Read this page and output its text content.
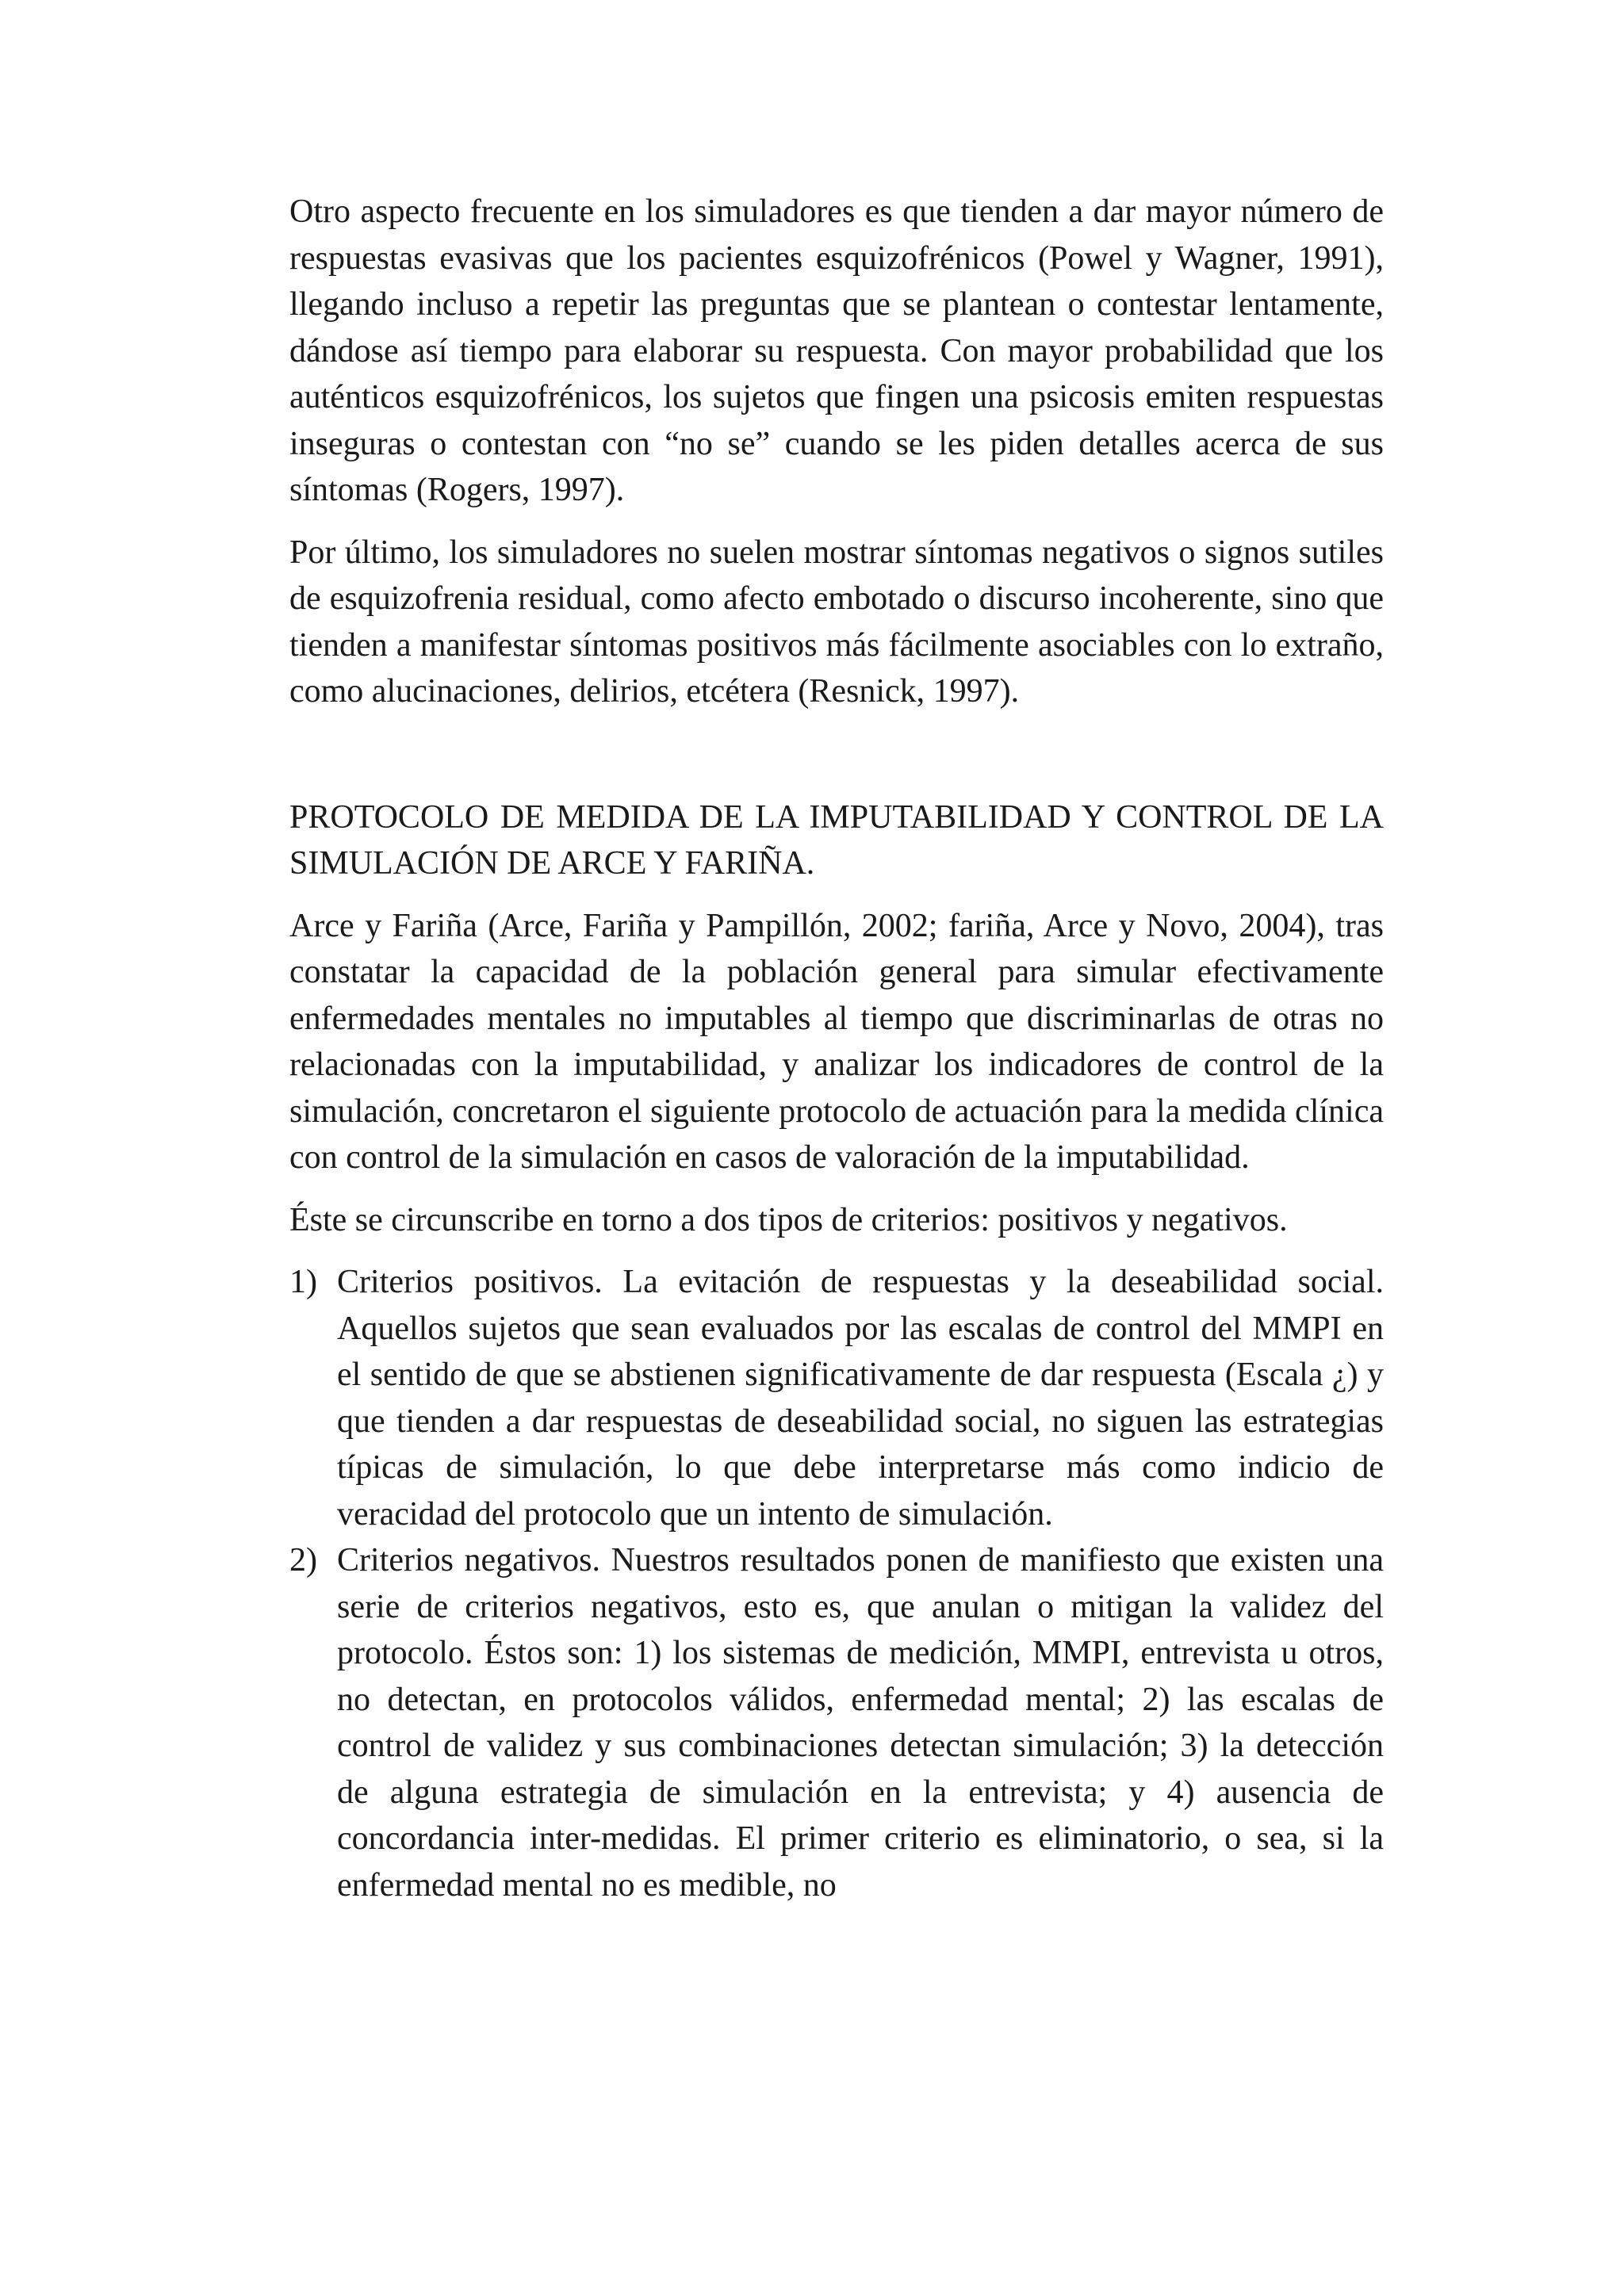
Otro aspecto frecuente en los simuladores es que tienden a dar mayor número de respuestas evasivas que los pacientes esquizofrénicos (Powel y Wagner, 1991), llegando incluso a repetir las preguntas que se plantean o contestar lentamente, dándose así tiempo para elaborar su respuesta. Con mayor probabilidad que los auténticos esquizofrénicos, los sujetos que fingen una psicosis emiten respuestas inseguras o contestan con “no se” cuando se les piden detalles acerca de sus síntomas (Rogers, 1997).

Por último, los simuladores no suelen mostrar síntomas negativos o signos sutiles de esquizofrenia residual, como afecto embotado o discurso incoherente, sino que tienden a manifestar síntomas positivos más fácilmente asociables con lo extraño, como alucinaciones, delirios, etcétera (Resnick, 1997).

PROTOCOLO DE MEDIDA DE LA IMPUTABILIDAD Y CONTROL DE LA SIMULACIÓN DE ARCE Y FARIÑA.

Arce y Fariña (Arce, Fariña y Pampillón, 2002; fariña, Arce y Novo, 2004), tras constatar la capacidad de la población general para simular efectivamente enfermedades mentales no imputables al tiempo que discriminarlas de otras no relacionadas con la imputabilidad, y analizar los indicadores de control de la simulación, concretaron el siguiente protocolo de actuación para la medida clínica con control de la simulación en casos de valoración de la imputabilidad.

Éste se circunscribe en torno a dos tipos de criterios: positivos y negativos.

1) Criterios positivos. La evitación de respuestas y la deseabilidad social. Aquellos sujetos que sean evaluados por las escalas de control del MMPI en el sentido de que se abstienen significativamente de dar respuesta (Escala ¿) y que tienden a dar respuestas de deseabilidad social, no siguen las estrategias típicas de simulación, lo que debe interpretarse más como indicio de veracidad del protocolo que un intento de simulación.
2) Criterios negativos. Nuestros resultados ponen de manifiesto que existen una serie de criterios negativos, esto es, que anulan o mitigan la validez del protocolo. Éstos son: 1) los sistemas de medición, MMPI, entrevista u otros, no detectan, en protocolos válidos, enfermedad mental; 2) las escalas de control de validez y sus combinaciones detectan simulación; 3) la detección de alguna estrategia de simulación en la entrevista; y 4) ausencia de concordancia inter-medidas. El primer criterio es eliminatorio, o sea, si la enfermedad mental no es medible, no
